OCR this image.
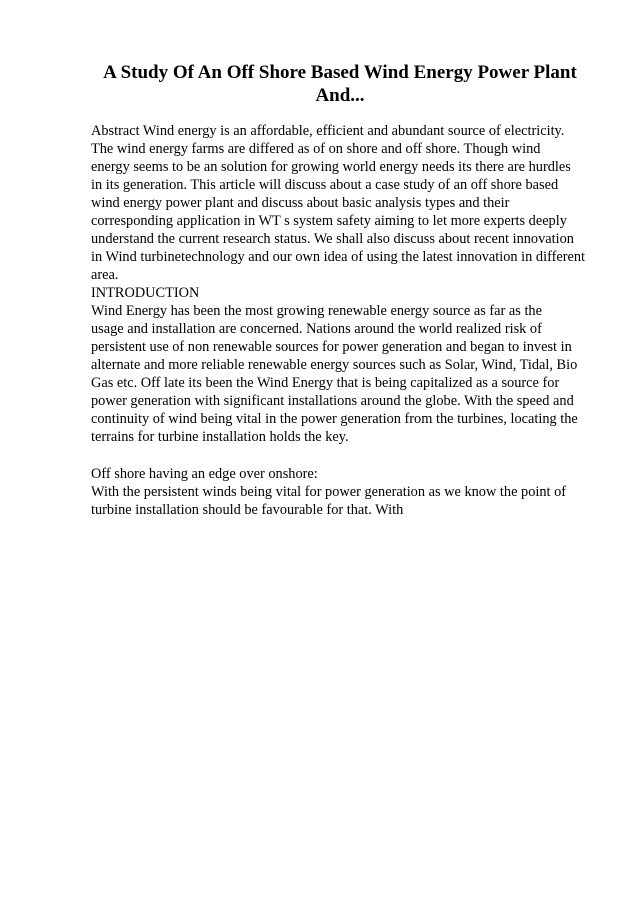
A Study Of An Off Shore Based Wind Energy Power Plant
And...
Abstract Wind energy is an affordable, efficient and abundant source of electricity.
The wind energy farms are differed as of on shore and off shore. Though wind
energy seems to be an solution for growing world energy needs its there are hurdles
in its generation. This article will discuss about a case study of an off shore based
wind energy power plant and discuss about basic analysis types and their
corresponding application in WT s system safety aiming to let more experts deeply
understand the current research status. We shall also discuss about recent innovation
in Wind turbinetechnology and our own idea of using the latest innovation in different
area.
INTRODUCTION
Wind Energy has been the most growing renewable energy source as far as the
usage and installation are concerned. Nations around the world realized risk of
persistent use of non renewable sources for power generation and began to invest in
alternate and more reliable renewable energy sources such as Solar, Wind, Tidal, Bio
Gas etc. Off late its been the Wind Energy that is being capitalized as a source for
power generation with significant installations around the globe. With the speed and
continuity of wind being vital in the power generation from the turbines, locating the
terrains for turbine installation holds the key.
Off shore having an edge over onshore:
With the persistent winds being vital for power generation as we know the point of
turbine installation should be favourable for that. With
